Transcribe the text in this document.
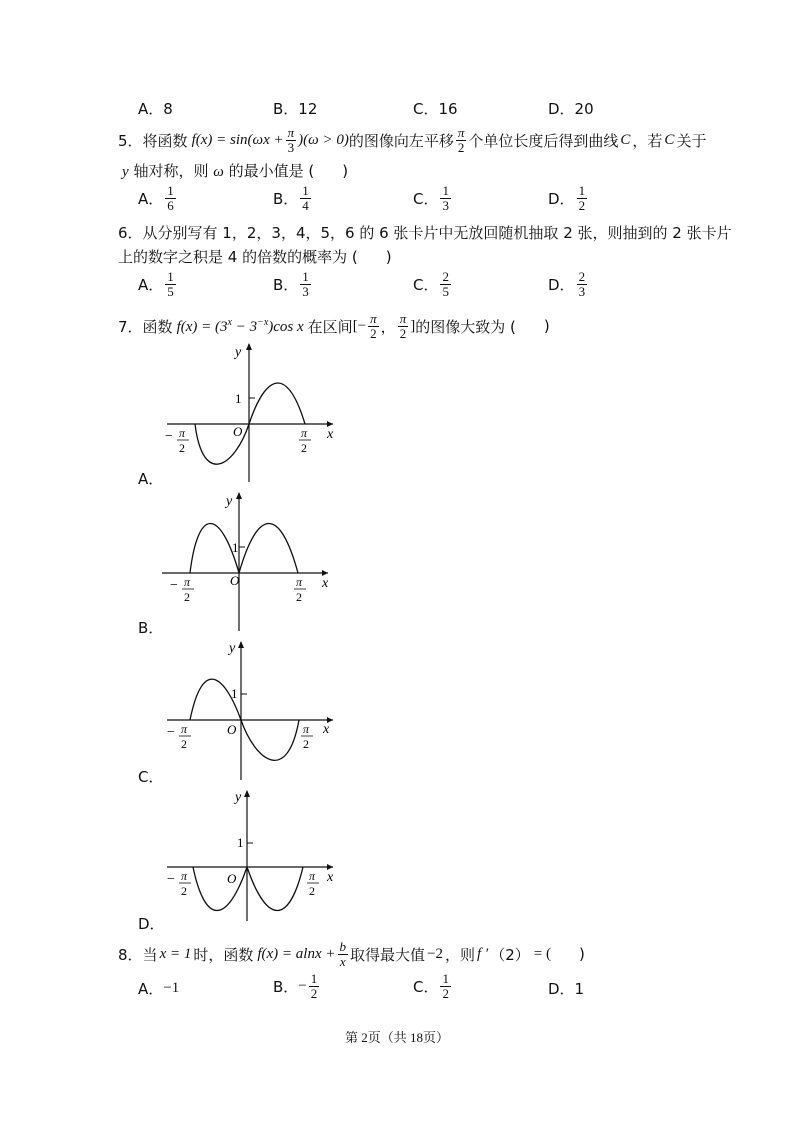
A．8	B．12	C．16	D．20
5． 将函数 $f(x) = \sin(\omega x + \frac{\pi}{3} )(\omega > 0)$ 的图像向左平移 $\frac{\pi}{2}$ 个单位长度后得到曲线 C ，若 C 关于
y 轴对称，则 ω 的最小值是 ( )
A． $\frac{1}{6}$	B． $\frac{1}{4}$	C． $\frac{1}{3}$	D． $\frac{1}{2}$
6．从分别写有 1，2，3，4，5，6 的 6 张卡片中无放回随机抽取 2 张，则抽到的 2 张卡片
上的数字之积是 4 的倍数的概率为 ( )
A． $\frac{1}{5}$	B． $\frac{1}{3}$	C． $\frac{2}{5}$	D． $\frac{2}{3}$
7． 函数 $f(x) = (3^x - 3^{-x})\cos$ x 在区间 [− $\frac{\pi}{2}$ ， $\frac{\pi}{2}$ ] 的图像大致为 ( )
y
x
1
O
− π
2
π
2
A．
y
x
1
O
− π
2
π
2
B．
y
x
1
O
− π
2
π
2
C．
y
x
1
O
− π
2
π
2
D．
8． 当 x = 1 时，函数 $f(x) = alnx + \frac{b}{x}$ 取得最大值 −2 ，则 f ′ （2） = ( )
A． −1	B． − $\frac{1}{2}$	C． $\frac{1}{2}$	D．1
第 2页（共 18页）
